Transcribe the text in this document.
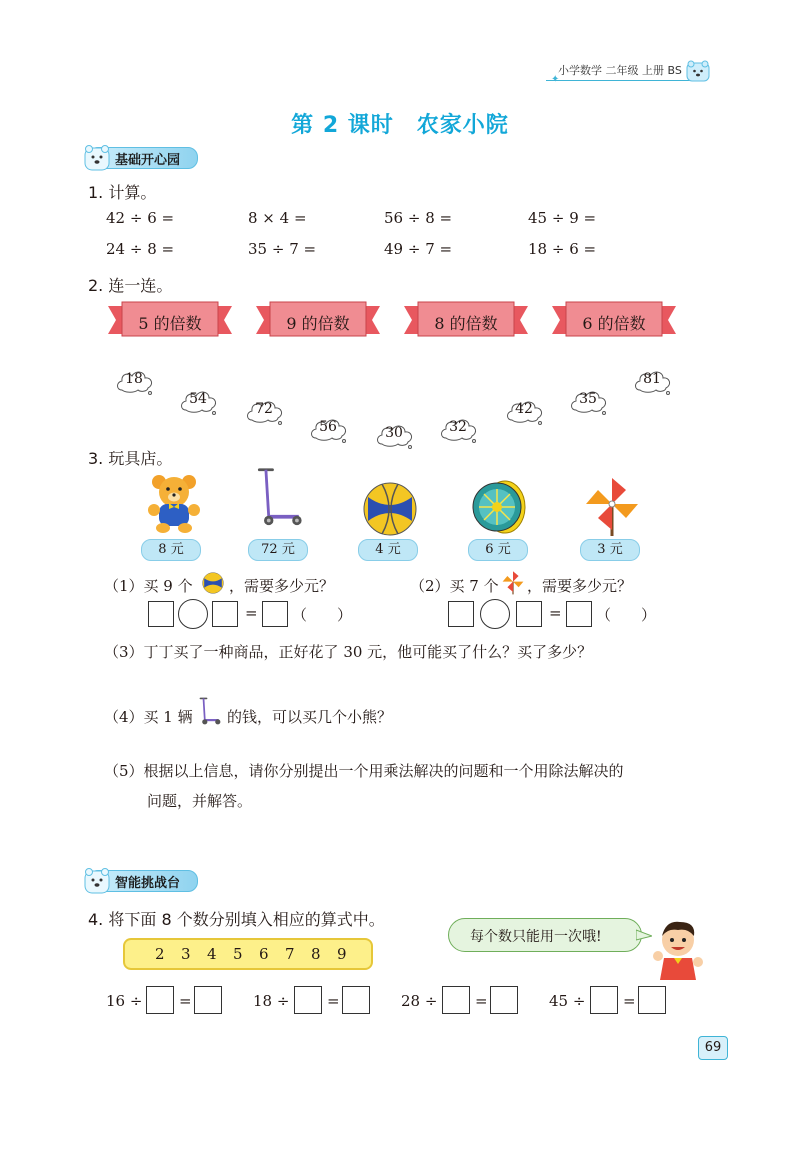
小学数学 二年级 上册 BS
✦
第 2 课时　农家小院
基础开心园
1. 计算。
42 ÷ 6 =	8 × 4 =	56 ÷ 8 =	45 ÷ 9 =
24 ÷ 8 =	35 ÷ 7 =	49 ÷ 7 =	18 ÷ 6 =
2. 连一连。
5 的倍数	9 的倍数	8 的倍数	6 的倍数
18
54
72
56	30	32
42
35
81
3. 玩具店。
8 元	72 元	4 元	6 元	3 元
（1）买 9 个 ，需要多少元？
= （　　）
（2）买 7 个 ，需要多少元？
= （　　）
（3）丁丁买了一种商品，正好花了 30 元，他可能买了什么？买了多少？
（4）买 1 辆 的钱，可以买几个小熊？
（5）根据以上信息，请你分别提出一个用乘法解决的问题和一个用除法解决的
问题，并解答。
智能挑战台
4. 将下面 8 个数分别填入相应的算式中。
每个数只能用一次哦!
2 3 4 5 6 7 8 9
16 ÷ =	18 ÷	=	28 ÷	=	45 ÷	=
69
